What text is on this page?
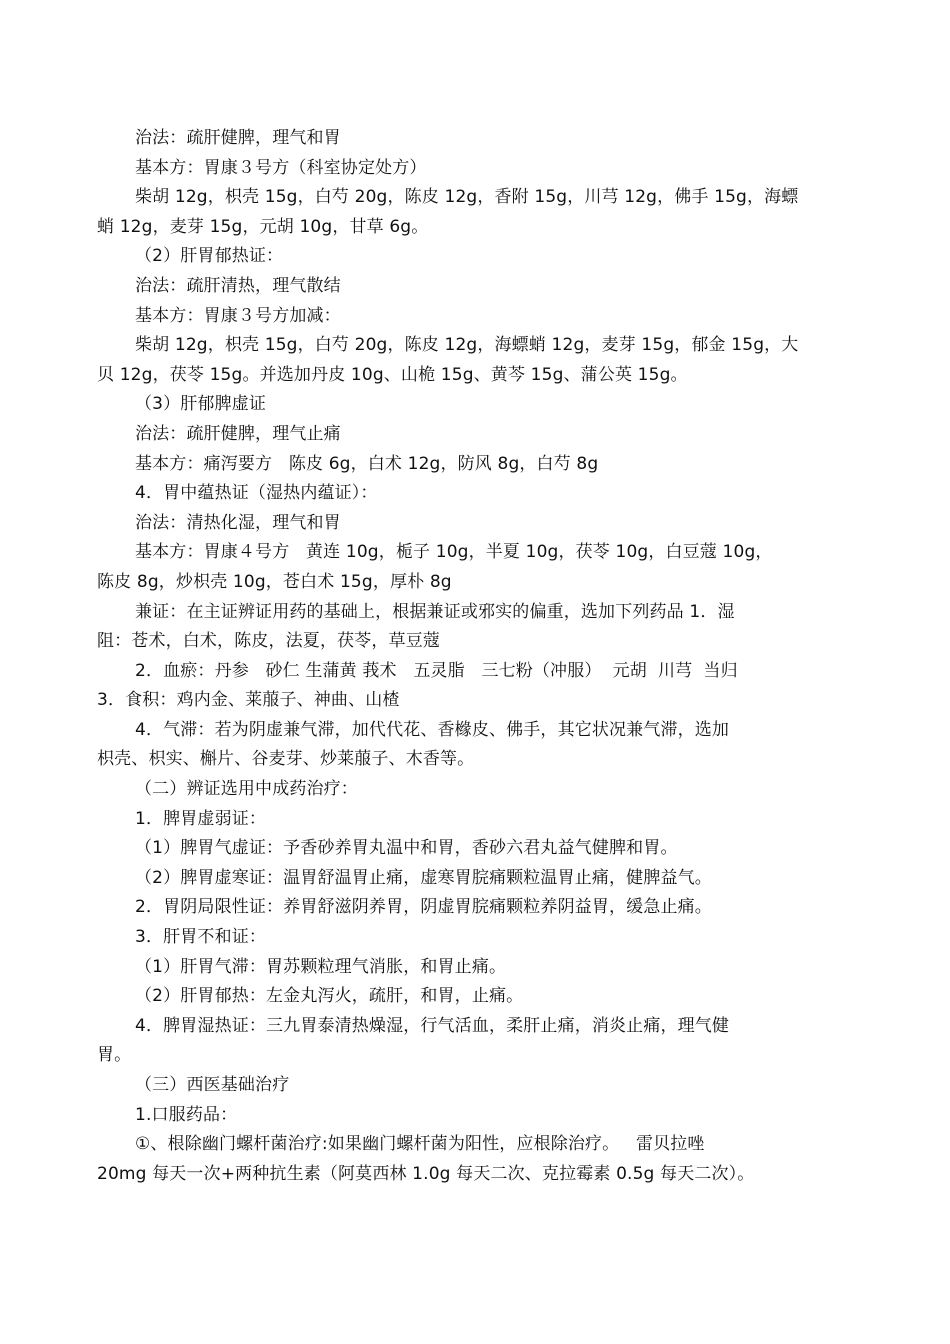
治法：疏肝健脾，理气和胃
基本方：胃康３号方（科室协定处方）
柴胡 12g，枳壳 15g，白芍 20g，陈皮 12g，香附 15g，川芎 12g，佛手 15g，海螵
蛸 12g，麦芽 15g，元胡 10g，甘草 6g。
（2）肝胃郁热证：
治法：疏肝清热，理气散结
基本方：胃康３号方加减：
柴胡 12g，枳壳 15g，白芍 20g，陈皮 12g，海螵蛸 12g，麦芽 15g，郁金 15g，大
贝 12g，茯苓 15g。并选加丹皮 10g、山桅 15g、黄芩 15g、蒲公英 15g。
（3）肝郁脾虚证
治法：疏肝健脾，理气止痛
基本方：痛泻要方   陈皮 6g，白术 12g，防风 8g，白芍 8g
4．胃中蕴热证（湿热内蕴证）：
治法：清热化湿，理气和胃
基本方：胃康４号方   黄连 10g，栀子 10g，半夏 10g，茯苓 10g，白豆蔻 10g，
陈皮 8g，炒枳壳 10g，苍白术 15g，厚朴 8g
兼证：在主证辨证用药的基础上，根据兼证或邪实的偏重，选加下列药品 1．湿
阻：苍术，白术，陈皮，法夏，茯苓，草豆蔻
2．血瘀：丹参   砂仁 生蒲黄 莪术   五灵脂   三七粉（冲服）  元胡  川芎  当归
3．食积：鸡内金、莱菔子、神曲、山楂
4．气滞：若为阴虚兼气滞，加代代花、香橼皮、佛手，其它状况兼气滞，选加
枳壳、枳实、槲片、谷麦芽、炒莱菔子、木香等。
（二）辨证选用中成药治疗：
1．脾胃虚弱证：
（1）脾胃气虚证：予香砂养胃丸温中和胃，香砂六君丸益气健脾和胃。
（2）脾胃虚寒证：温胃舒温胃止痛，虚寒胃脘痛颗粒温胃止痛，健脾益气。
2．胃阴局限性证：养胃舒滋阴养胃，阴虚胃脘痛颗粒养阴益胃，缓急止痛。
3．肝胃不和证：
（1）肝胃气滞：胃苏颗粒理气消胀，和胃止痛。
（2）肝胃郁热：左金丸泻火，疏肝，和胃，止痛。
4．脾胃湿热证：三九胃泰清热燥湿，行气活血，柔肝止痛，消炎止痛，理气健
胃。
（三）西医基础治疗
1.口服药品：
①、根除幽门螺杆菌治疗:如果幽门螺杆菌为阳性，应根除治疗。   雷贝拉唑
20mg 每天一次+两种抗生素（阿莫西林 1.0g 每天二次、克拉霉素 0.5g 每天二次）。
